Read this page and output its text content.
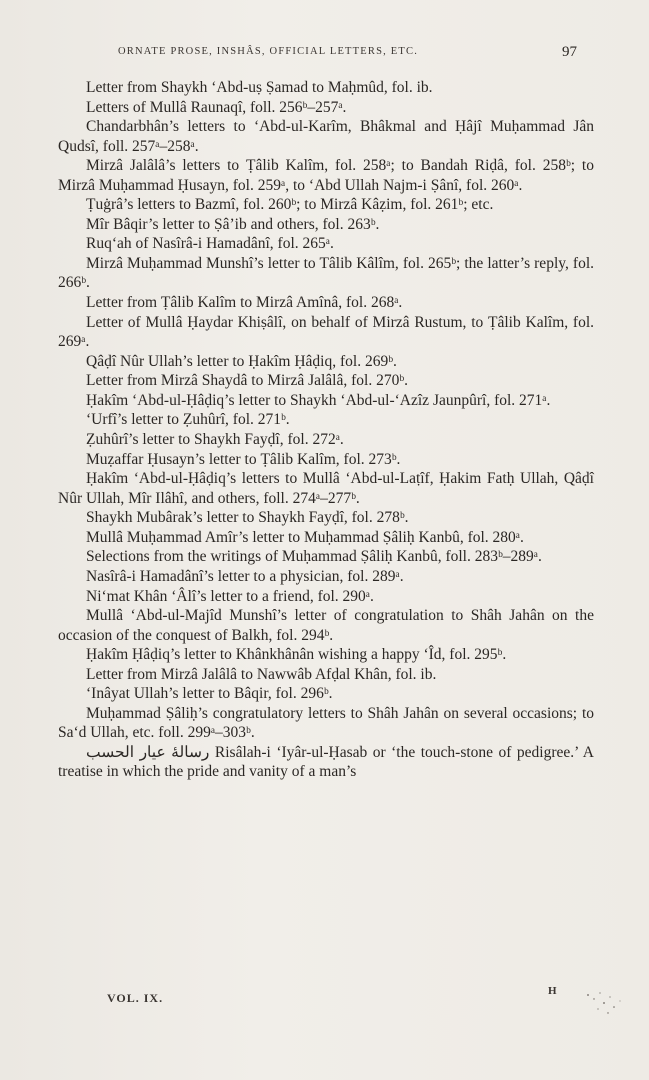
ORNATE PROSE, INSHÂS, OFFICIAL LETTERS, ETC.	97

Letter from Shaykh ‘Abd-uṣ Ṣamad to Maḥmûd, fol. ib.

Letters of Mullâ Raunaqî, foll. 256ᵇ–257ᵃ.

Chandarbhân’s letters to ‘Abd-ul-Karîm, Bhâkmal and Ḥâjî Muḥammad Jân Qudsî, foll. 257ᵃ–258ᵃ.

Mirzâ Jalâlâ’s letters to Ṭâlib Kalîm, fol. 258ᵃ; to Bandah Riḍâ, fol. 258ᵇ; to Mirzâ Muḥammad Ḥusayn, fol. 259ᵃ, to ‘Abd Ullah Najm-i Ṣânî, fol. 260ᵃ.

Ṭuġrâ’s letters to Bazmî, fol. 260ᵇ; to Mirzâ Kâẓim, fol. 261ᵇ; etc.

Mîr Bâqir’s letter to Ṣâ’ib and others, fol. 263ᵇ.

Ruq‘ah of Nasîrâ-i Hamadânî, fol. 265ᵃ.

Mirzâ Muḥammad Munshî’s letter to Tâlib Kâlîm, fol. 265ᵇ; the latter’s reply, fol. 266ᵇ.

Letter from Ṭâlib Kalîm to Mirzâ Amînâ, fol. 268ᵃ.

Letter of Mullâ Ḥaydar Khiṣâlî, on behalf of Mirzâ Rustum, to Ṭâlib Kalîm, fol. 269ᵃ.

Qâḍî Nûr Ullah’s letter to Ḥakîm Ḥâḍiq, fol. 269ᵇ.

Letter from Mirzâ Shaydâ to Mirzâ Jalâlâ, fol. 270ᵇ.

Ḥakîm ‘Abd-ul-Ḥâḍiq’s letter to Shaykh ‘Abd-ul-‘Azîz Jaunpûrî, fol. 271ᵃ.

‘Urfî’s letter to Ẓuhûrî, fol. 271ᵇ.

Ẓuhûrî’s letter to Shaykh Fayḍî, fol. 272ᵃ.

Muẓaffar Ḥusayn’s letter to Ṭâlib Kalîm, fol. 273ᵇ.

Ḥakîm ‘Abd-ul-Ḥâḍiq’s letters to Mullâ ‘Abd-ul-Laṭîf, Ḥakim Fatḥ Ullah, Qâḍî Nûr Ullah, Mîr Ilâhî, and others, foll. 274ᵃ–277ᵇ.

Shaykh Mubârak’s letter to Shaykh Fayḍî, fol. 278ᵇ.

Mullâ Muḥammad Amîr’s letter to Muḥammad Ṣâliḥ Kanbû, fol. 280ᵃ.

Selections from the writings of Muḥammad Ṣâliḥ Kanbû, foll. 283ᵇ–289ᵃ.

Nasîrâ-i Hamadânî’s letter to a physician, fol. 289ᵃ.

Ni‘mat Khân ‘Âlî’s letter to a friend, fol. 290ᵃ.

Mullâ ‘Abd-ul-Majîd Munshî’s letter of congratulation to Shâh Jahân on the occasion of the conquest of Balkh, fol. 294ᵇ.

Ḥakîm Ḥâḍiq’s letter to Khânkhânân wishing a happy ‘Îd, fol. 295ᵇ.

Letter from Mirzâ Jalâlâ to Nawwâb Afḍal Khân, fol. ib.

‘Inâyat Ullah’s letter to Bâqir, fol. 296ᵇ.

Muḥammad Ṣâliḥ’s congratulatory letters to Shâh Jahân on several occasions; to Sa‘d Ullah, etc. foll. 299ᵃ–303ᵇ.

رسالۀ عيار الحسب Risâlah-i ‘Iyâr-ul-Ḥasab or ‘the touch-stone of pedigree.’ A treatise in which the pride and vanity of a man’s

VOL. IX.	H
